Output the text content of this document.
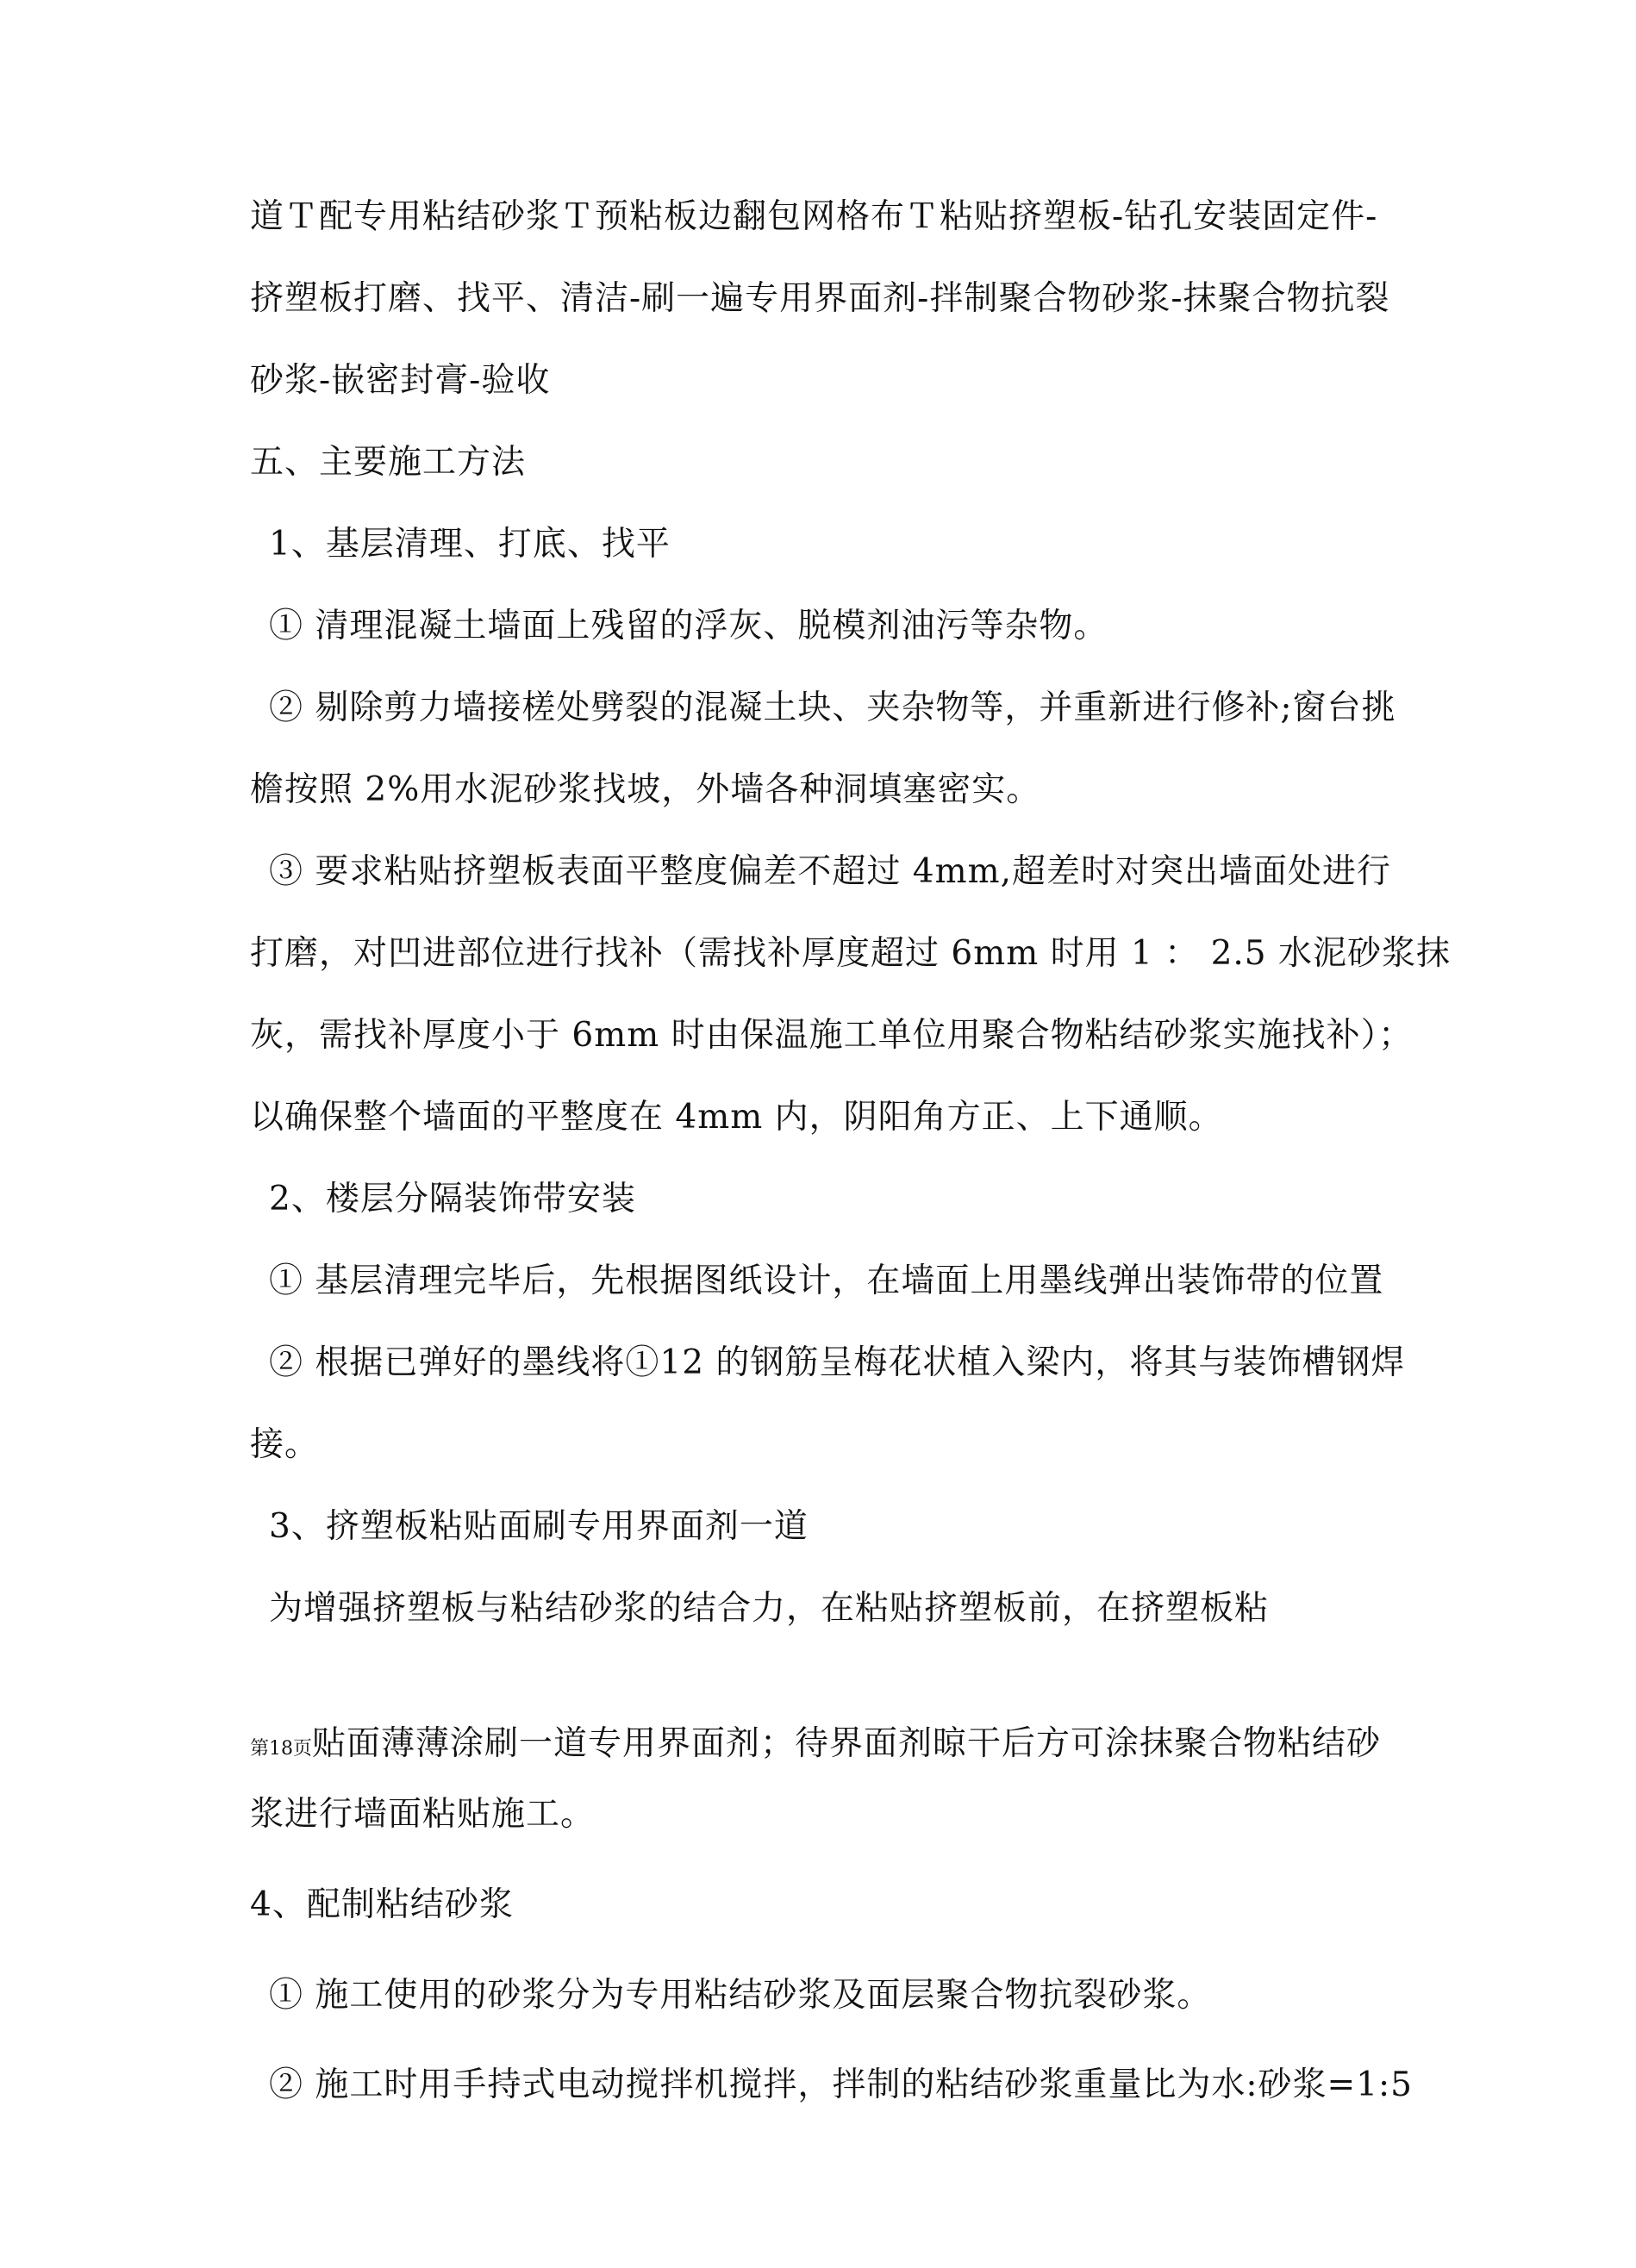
道Ｔ配专用粘结砂浆Ｔ预粘板边翻包网格布Ｔ粘贴挤塑板-钻孔安装固定件-
挤塑板打磨、找平、清洁-刷一遍专用界面剂-拌制聚合物砂浆-抹聚合物抗裂
砂浆-嵌密封膏-验收
五、主要施工方法
1、基层清理、打底、找平
① 清理混凝土墙面上残留的浮灰、脱模剂油污等杂物。
② 剔除剪力墙接槎处劈裂的混凝土块、夹杂物等，并重新进行修补;窗台挑
檐按照 2%用水泥砂浆找坡，外墙各种洞填塞密实。
③ 要求粘贴挤塑板表面平整度偏差不超过 4mm,超差时对突出墙面处进行
打磨，对凹进部位进行找补（需找补厚度超过 6mm 时用 1 ： 2.5 水泥砂浆抹
灰，需找补厚度小于 6mm 时由保温施工单位用聚合物粘结砂浆实施找补）；
以确保整个墙面的平整度在 4mm 内，阴阳角方正、上下通顺。
2、楼层分隔装饰带安装
① 基层清理完毕后，先根据图纸设计，在墙面上用墨线弹出装饰带的位置
② 根据已弹好的墨线将①12 的钢筋呈梅花状植入梁内，将其与装饰槽钢焊
接。
3、挤塑板粘贴面刷专用界面剂一道
为增强挤塑板与粘结砂浆的结合力，在粘贴挤塑板前，在挤塑板粘
第18页贴面薄薄涂刷一道专用界面剂；待界面剂晾干后方可涂抹聚合物粘结砂
浆进行墙面粘贴施工。
4、配制粘结砂浆
① 施工使用的砂浆分为专用粘结砂浆及面层聚合物抗裂砂浆。
② 施工时用手持式电动搅拌机搅拌，拌制的粘结砂浆重量比为水:砂浆=1:5
